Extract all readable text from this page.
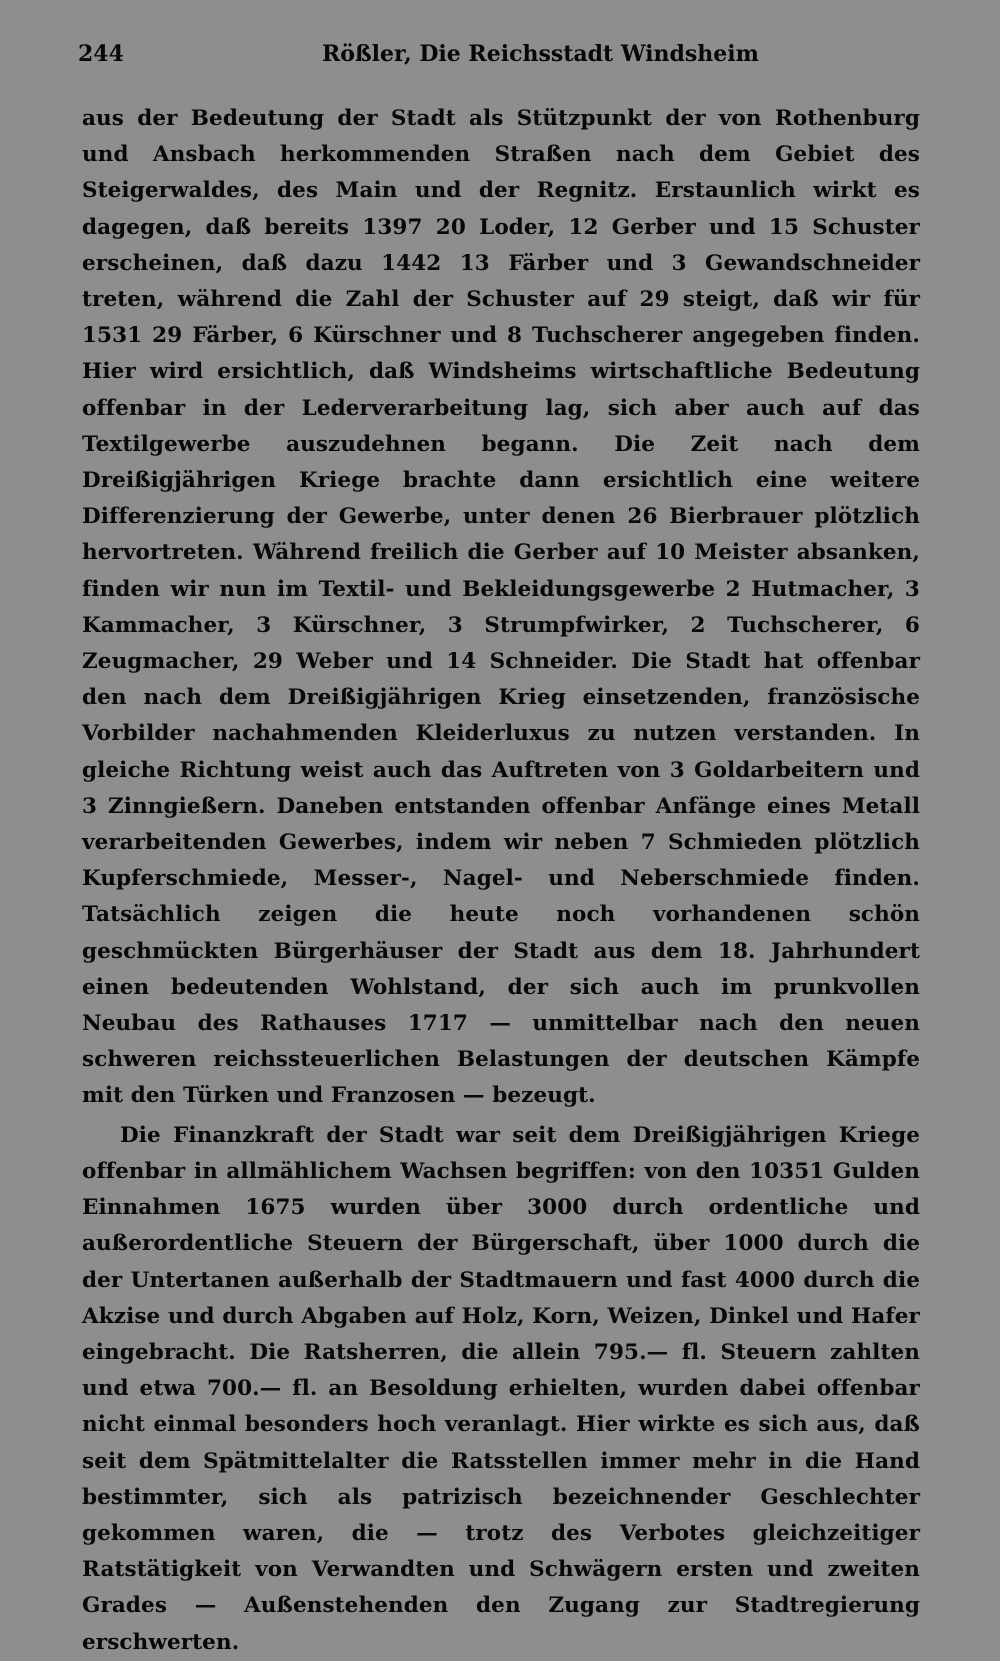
244	Rößler, Die Reichsstadt Windsheim

aus der Bedeutung der Stadt als Stützpunkt der von Rothenburg und Ansbach herkommenden Straßen nach dem Gebiet des Steigerwaldes, des Main und der Regnitz. Erstaunlich wirkt es dagegen, daß bereits 1397 20 Loder, 12 Gerber und 15 Schuster erscheinen, daß dazu 1442 13 Färber und 3 Gewandschneider treten, während die Zahl der Schuster auf 29 steigt, daß wir für 1531 29 Färber, 6 Kürschner und 8 Tuchscherer angegeben finden. Hier wird ersichtlich, daß Windsheims wirtschaftliche Bedeutung offenbar in der Lederverarbeitung lag, sich aber auch auf das Textilgewerbe auszudehnen begann. Die Zeit nach dem Dreißigjährigen Kriege brachte dann ersichtlich eine weitere Differenzierung der Gewerbe, unter denen 26 Bierbrauer plötzlich hervortreten. Während freilich die Gerber auf 10 Meister absanken, finden wir nun im Textil- und Bekleidungsgewerbe 2 Hutmacher, 3 Kammacher, 3 Kürschner, 3 Strumpfwirker, 2 Tuchscherer, 6 Zeugmacher, 29 Weber und 14 Schneider. Die Stadt hat offenbar den nach dem Dreißigjährigen Krieg einsetzenden, französische Vorbilder nachahmenden Kleiderluxus zu nutzen verstanden. In gleiche Richtung weist auch das Auftreten von 3 Goldarbeitern und 3 Zinngießern. Daneben entstanden offenbar Anfänge eines Metall verarbeitenden Gewerbes, indem wir neben 7 Schmieden plötzlich Kupferschmiede, Messer-, Nagel- und Neberschmiede finden. Tatsächlich zeigen die heute noch vorhandenen schön geschmückten Bürgerhäuser der Stadt aus dem 18. Jahrhundert einen bedeutenden Wohlstand, der sich auch im prunkvollen Neubau des Rathauses 1717 — unmittelbar nach den neuen schweren reichssteuerlichen Belastungen der deutschen Kämpfe mit den Türken und Franzosen — bezeugt.

Die Finanzkraft der Stadt war seit dem Dreißigjährigen Kriege offenbar in allmählichem Wachsen begriffen: von den 10351 Gulden Einnahmen 1675 wurden über 3000 durch ordentliche und außerordentliche Steuern der Bürgerschaft, über 1000 durch die der Untertanen außerhalb der Stadtmauern und fast 4000 durch die Akzise und durch Abgaben auf Holz, Korn, Weizen, Dinkel und Hafer eingebracht. Die Ratsherren, die allein 795.— fl. Steuern zahlten und etwa 700.— fl. an Besoldung erhielten, wurden dabei offenbar nicht einmal besonders hoch veranlagt. Hier wirkte es sich aus, daß seit dem Spätmittelalter die Ratsstellen immer mehr in die Hand bestimmter, sich als patrizisch bezeichnender Geschlechter gekommen waren, die — trotz des Verbotes gleichzeitiger Ratstätigkeit von Verwandten und Schwägern ersten und zweiten Grades — Außenstehenden den Zugang zur Stadtregierung erschwerten.
